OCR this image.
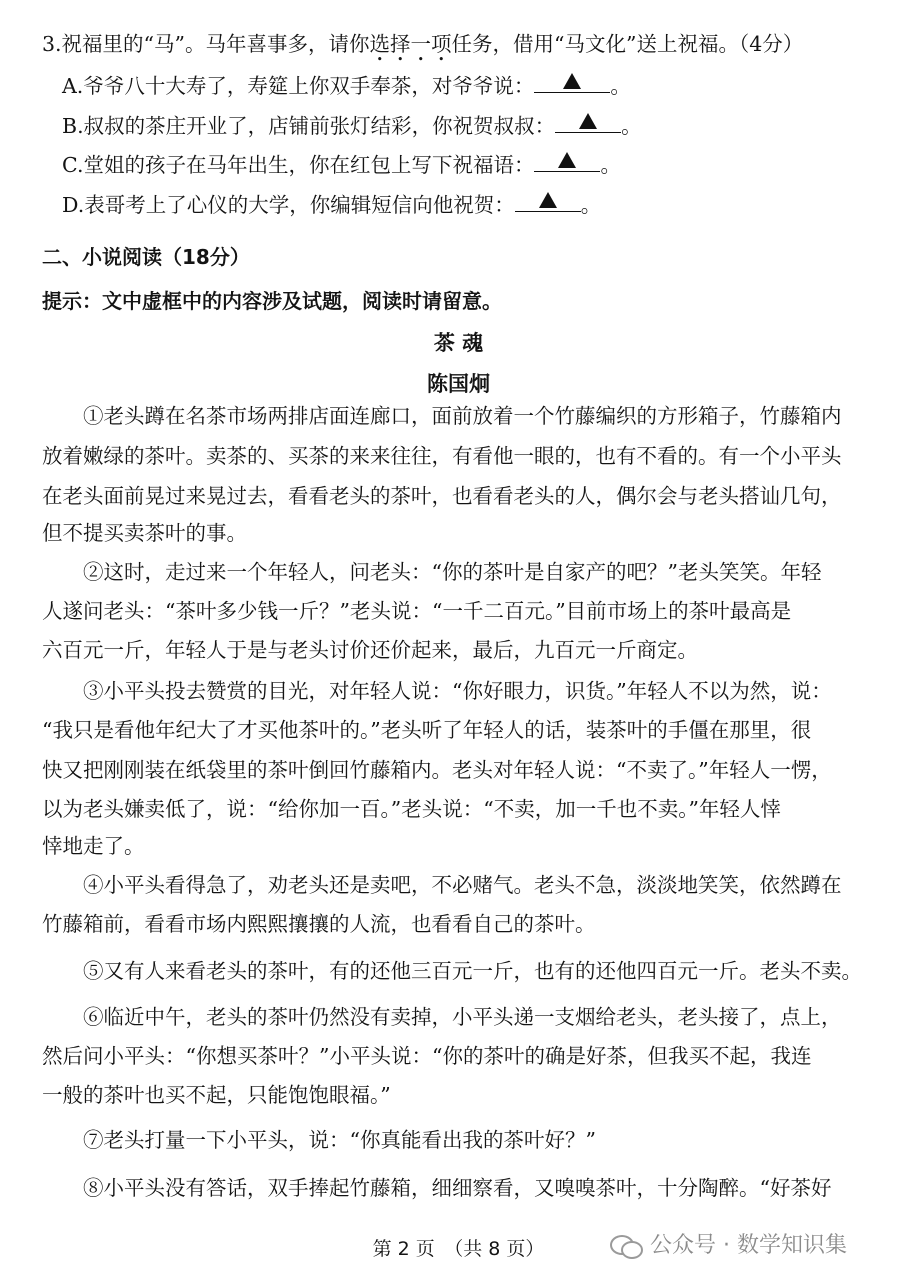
3.祝福里的“马”。马年喜事多，请你选择一项任务，借用“马文化”送上祝福。（4分）
A.爷爷八十大寿了，寿筵上你双手奉茶，对爷爷说：	。
B.叔叔的茶庄开业了，店铺前张灯结彩，你祝贺叔叔：	。
C.堂姐的孩子在马年出生，你在红包上写下祝福语：	。
D.表哥考上了心仪的大学，你编辑短信向他祝贺：	。
二、小说阅读（18分）
提示：文中虚框中的内容涉及试题，阅读时请留意。
茶 魂
陈国炯
①老头蹲在名茶市场两排店面连廊口，面前放着一个竹藤编织的方形箱子，竹藤箱内
放着嫩绿的茶叶。卖茶的、买茶的来来往往，有看他一眼的，也有不看的。有一个小平头
在老头面前晃过来晃过去，看看老头的茶叶，也看看老头的人，偶尔会与老头搭讪几句，
但不提买卖茶叶的事。
②这时，走过来一个年轻人，问老头：“你的茶叶是自家产的吧？”老头笑笑。年轻
人遂问老头：“茶叶多少钱一斤？”老头说：“一千二百元。”目前市场上的茶叶最高是
六百元一斤，年轻人于是与老头讨价还价起来，最后，九百元一斤商定。
③小平头投去赞赏的目光，对年轻人说：“你好眼力，识货。”年轻人不以为然，说：
“我只是看他年纪大了才买他茶叶的。”老头听了年轻人的话，装茶叶的手僵在那里，很
快又把刚刚装在纸袋里的茶叶倒回竹藤箱内。老头对年轻人说：“不卖了。”年轻人一愣，
以为老头嫌卖低了，说：“给你加一百。”老头说：“不卖，加一千也不卖。”年轻人悻
悻地走了。
④小平头看得急了，劝老头还是卖吧，不必赌气。老头不急，淡淡地笑笑，依然蹲在
竹藤箱前，看看市场内熙熙攘攘的人流，也看看自己的茶叶。
⑤又有人来看老头的茶叶，有的还他三百元一斤，也有的还他四百元一斤。老头不卖。
⑥临近中午，老头的茶叶仍然没有卖掉，小平头递一支烟给老头，老头接了，点上，
然后问小平头：“你想买茶叶？”小平头说：“你的茶叶的确是好茶，但我买不起，我连
一般的茶叶也买不起，只能饱饱眼福。”
⑦老头打量一下小平头，说：“你真能看出我的茶叶好？”
⑧小平头没有答话，双手捧起竹藤箱，细细察看，又嗅嗅茶叶，十分陶醉。“好茶好
第 2 页　（共 8 页）	公众号 · 数学知识集
